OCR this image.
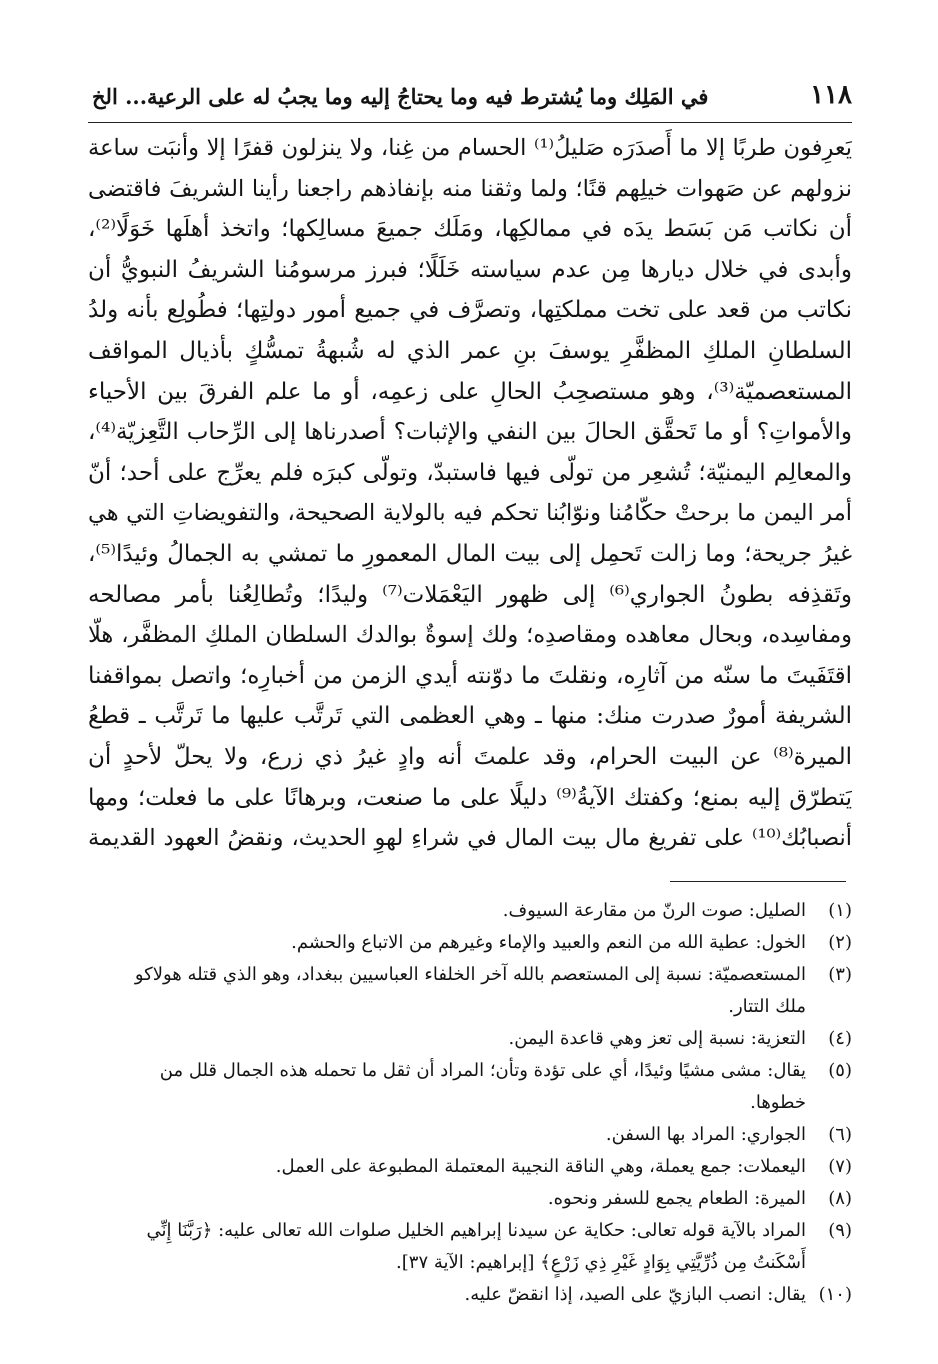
١١٨
في المَلِك وما يُشترط فيه وما يحتاجُ إليه وما يجبُ له على الرعية... الخ
يَعرِفون طربًا إلا ما أَصدَرَه صَليلُ⁽¹⁾ الحسام من غِنا، ولا ينزلون قفرًا إلا وأنبَت ساعة
نزولهم عن صَهوات خيلِهم قنًا؛ ولما وثقنا منه بإنفاذهم راجعنا رأينا الشريفَ فاقتضى
أن نكاتب مَن بَسَط يدَه في ممالكِها، ومَلَك جميعَ مسالِكها؛ واتخذ أهلَها خَوَلًا⁽²⁾،
وأبدى في خلال ديارها مِن عدم سياسته خَلَلًا؛ فبرز مرسومُنا الشريفُ النبويُّ أن
نكاتب من قعد على تخت مملكتِها، وتصرَّف في جميع أمور دولتِها؛ فطُولِع بأنه ولدُ
السلطانِ الملكِ المظفَّرِ يوسفَ بنِ عمر الذي له شُبهةُ تمسُّكٍ بأذيال المواقف
المستعصميّة⁽³⁾، وهو مستصحِبُ الحالِ على زعمِه، أو ما علم الفرقَ بين الأحياء
والأمواتِ؟ أو ما تَحقَّق الحالَ بين النفي والإثبات؟ أصدرناها إلى الرِّحاب التَّعِزيّة⁽⁴⁾،
والمعالِم اليمنيّة؛ تُشعِر من تولّى فيها فاستبدّ، وتولّى كبرَه فلم يعرِّج على أحد؛ أنّ
أمر اليمن ما برحتْ حكّامُنا ونوّابُنا تحكم فيه بالولاية الصحيحة، والتفويضاتِ التي هي
غيرُ جريحة؛ وما زالت تَحمِل إلى بيت المال المعمورِ ما تمشي به الجمالُ وئيدًا⁽⁵⁾،
وتَقذِفه بطونُ الجواري⁽⁶⁾ إلى ظهور اليَعْمَلات⁽⁷⁾ وليدًا؛ وتُطالِعُنا بأمر مصالحه
ومفاسِده، وبحال معاهده ومقاصدِه؛ ولك إسوةٌ بوالدك السلطان الملكِ المظفَّر، هلّا
اقتَفَيتَ ما سنّه من آثارِه، ونقلتَ ما دوّنته أيدي الزمن من أخبارِه؛ واتصل بمواقفنا
الشريفة أمورٌ صدرت منك: منها ـ وهي العظمى التي تَرتَّب عليها ما تَرتَّب ـ قطعُ
الميرة⁽⁸⁾ عن البيت الحرام، وقد علمتَ أنه وادٍ غيرُ ذي زرع، ولا يحلّ لأحدٍ أن
يَتطرّق إليه بمنع؛ وكفتك الآيةُ⁽⁹⁾ دليلًا على ما صنعت، وبرهانًا على ما فعلت؛ ومها
أنصبابُك⁽¹⁰⁾ على تفريغ مال بيت المال في شراءِ لهوِ الحديث، ونقضُ العهود القديمة
(١)
الصليل: صوت الرنّ من مقارعة السيوف.
(٢)
الخول: عطية الله من النعم والعبيد والإماء وغيرهم من الاتباع والحشم.
(٣)
المستعصميّة: نسبة إلى المستعصم بالله آخر الخلفاء العباسيين ببغداد، وهو الذي قتله هولاكو
ملك التتار.
(٤)
التعزية: نسبة إلى تعز وهي قاعدة اليمن.
(٥)
يقال: مشى مشيًا وئيدًا، أي على تؤدة وتأن؛ المراد أن ثقل ما تحمله هذه الجمال قلل من
خطوها.
(٦)
الجواري: المراد بها السفن.
(٧)
اليعملات: جمع يعملة، وهي الناقة النجيبة المعتملة المطبوعة على العمل.
(٨)
الميرة: الطعام يجمع للسفر ونحوه.
(٩)
المراد بالآية قوله تعالى: حكاية عن سيدنا إبراهيم الخليل صلوات الله تعالى عليه: ﴿رَبَّنَا إِنِّي
أَسْكَنتُ مِن ذُرِّيَّتِي بِوَادٍ غَيْرِ ذِي زَرْعٍ﴾ [إبراهيم: الآية ٣٧].
(١٠)
يقال: انصب البازيّ على الصيد، إذا انقضّ عليه.
